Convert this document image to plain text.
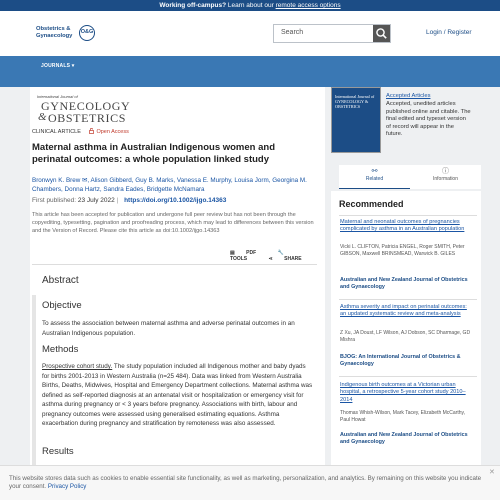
Working off-campus? Learn about our remote access options
Obstetrics &
Gynaecology
O&G	Search	Login / Register
JOURNALS ▾
International Journal of
GYNECOLOGY
& OBSTETRICS
CLINICAL ARTICLE	Open Access
Maternal asthma in Australian Indigenous women and perinatal outcomes: a whole population linked study
Bronwyn K. Brew ✉, Alison Gibberd, Guy B. Marks, Vanessa E. Murphy, Louisa Jorm, Georgina M. Chambers, Donna Hartz, Sandra Eades, Bridgette McNamara
First published: 23 July 2022 | https://doi.org/10.1002/ijgo.14363
This article has been accepted for publication and undergone full peer review but has not been through the copyediting, typesetting, pagination and proofreading process, which may lead to differences between this version and the Version of Record. Please cite this article as doi:10.1002/ijgo.14363
▤ PDF	🔧 TOOLS	⋖ SHARE
Abstract
Objective
To assess the association between maternal asthma and adverse perinatal outcomes in an Australian Indigenous population.
Methods
Prospective cohort study. The study population included all Indigenous mother and baby dyads for births 2001-2013 in Western Australia (n=25 484). Data was linked from Western Australia Births, Deaths, Midwives, Hospital and Emergency Department collections. Maternal asthma was defined as self-reported diagnosis at an antenatal visit or hospitalization or emergency visit for asthma during pregnancy or < 3 years before pregnancy. Associations with birth, labour and pregnancy outcomes were assessed using generalised estimating equations. Asthma exacerbation during pregnancy and stratification by remoteness was also assessed.
Results
International Journal of GYNECOLOGY & OBSTETRICS
Accepted Articles
Accepted, unedited articles published online and citable. The final edited and typeset version of record will appear in the future.
⚯
Related
ⓘ
Information
Recommended
Maternal and neonatal outcomes of pregnancies complicated by asthma in an Australian population
Vicki L. CLIFTON, Patricia ENGEL, Roger SMITH, Peter GIBSON, Maxwell BRINSMEAD, Warwick B. GILES
Australian and New Zealand Journal of Obstetrics and Gynaecology
Asthma severity and impact on perinatal outcomes: an updated systematic review and meta-analysis
Z Xu, JA Doust, LF Wilson, AJ Dobson, SC Dharmage, GD Mishra
BJOG: An International Journal of Obstetrics & Gynaecology
Indigenous birth outcomes at a Victorian urban hospital, a retrospective 5-year cohort study 2010–2014
Thomas Whish-Wilson, Mark Tacey, Elizabeth McCarthy, Paul Howat
Australian and New Zealand Journal of Obstetrics and Gynaecology
✕
This website stores data such as cookies to enable essential site functionality, as well as marketing, personalization, and analytics. By remaining on this website you indicate your consent. Privacy Policy
